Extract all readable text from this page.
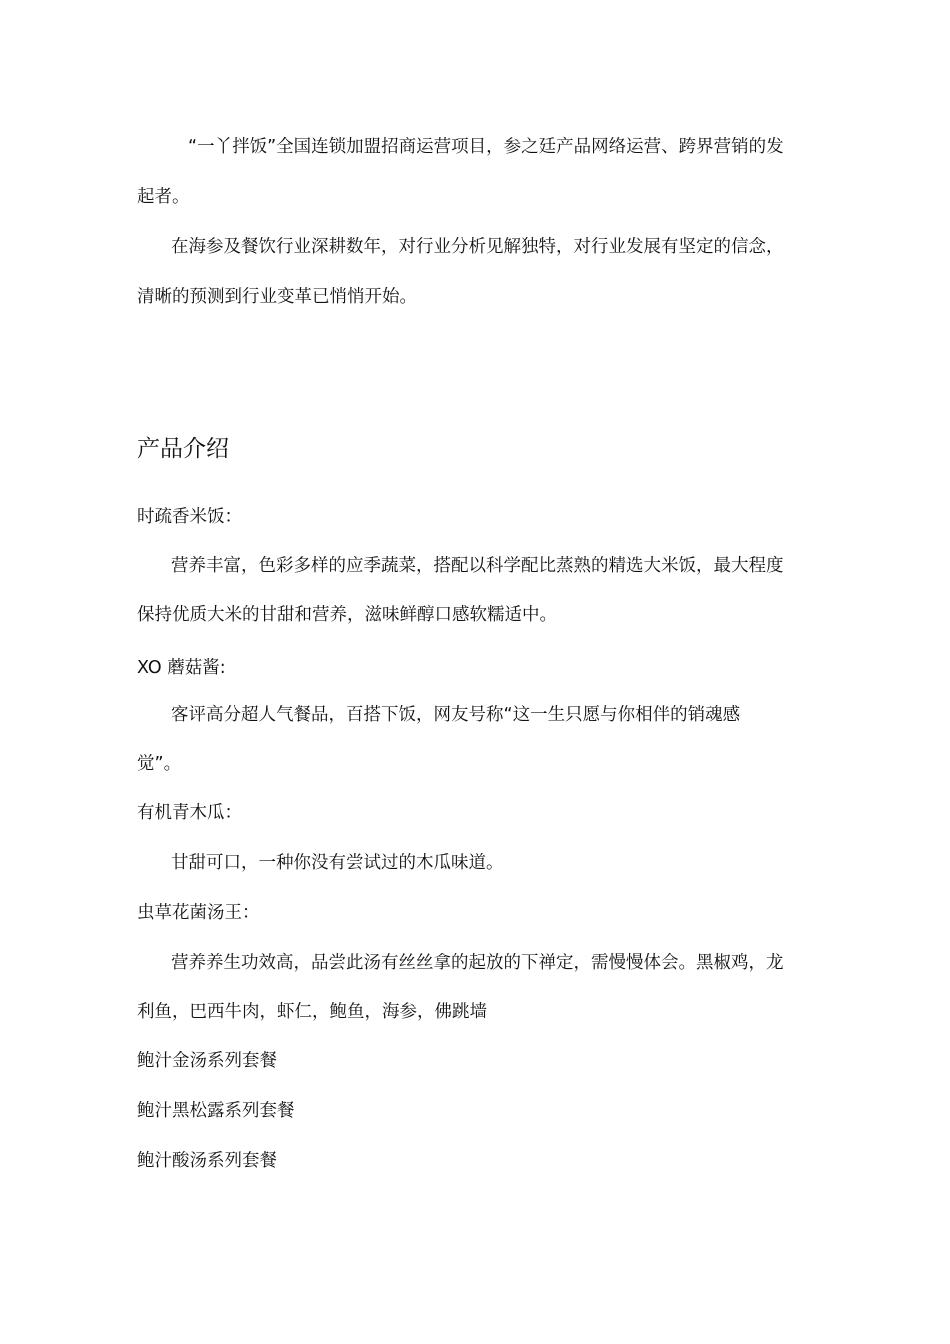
“一丫拌饭”全国连锁加盟招商运营项目，参之廷产品网络运营、跨界营销的发
起者。
在海参及餐饮行业深耕数年，对行业分析见解独特，对行业发展有坚定的信念，
清晰的预测到行业变革已悄悄开始。
产品介绍
时疏香米饭：
营养丰富，色彩多样的应季蔬菜，搭配以科学配比蒸熟的精选大米饭，最大程度
保持优质大米的甘甜和营养，滋味鲜醇口感软糯适中。
XO 蘑菇酱:
客评高分超人气餐品，百搭下饭，网友号称“这一生只愿与你相伴的销魂感
觉”。
有机青木瓜：
甘甜可口，一种你没有尝试过的木瓜味道。
虫草花菌汤王：
营养养生功效高，品尝此汤有丝丝拿的起放的下禅定，需慢慢体会。黑椒鸡，龙
利鱼，巴西牛肉，虾仁，鲍鱼，海参，佛跳墙
鲍汁金汤系列套餐
鲍汁黑松露系列套餐
鲍汁酸汤系列套餐
